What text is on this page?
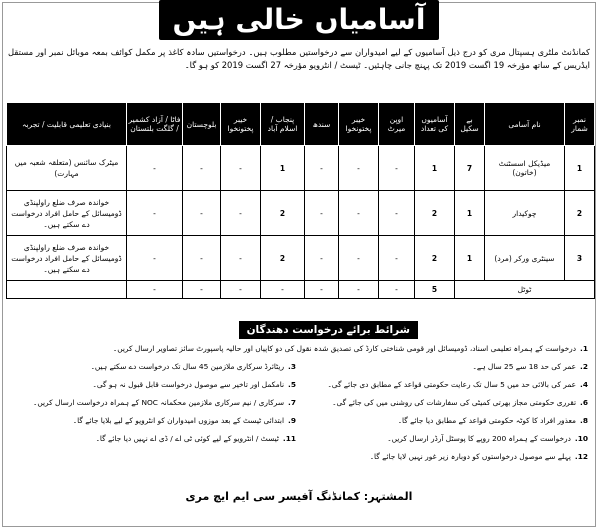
آسامیاں خالی ہیں
کمانڈنٹ ملٹری ہسپتال مری کو درج ذیل آسامیوں کے لیے امیدواران سے درخواستیں مطلوب ہیں۔ درخواستیں سادہ کاغذ پر مکمل کوائف بمعہ موبائل نمبر اور مستقل ایڈریس کے ساتھ مؤرخہ 19 اگست 2019 تک پہنچ جانی چاہئیں۔ ٹیسٹ / انٹرویو مؤرخہ 27 اگست 2019 کو ہو گا۔
نمبر شمار	نام آسامی	بے سکیل	آسامیوں کی تعداد	اوپن میرٹ	خیبر پختونخوا	سندھ	پنجاب / اسلام آباد	خیبر پختونخوا	بلوچستان	فاٹا / آزاد کشمیر / گلگت بلتستان	بنیادی تعلیمی قابلیت / تجربہ
1	میڈیکل اسسٹنٹ (خاتون)	7	1	-	-	-	1	-	-	-	میٹرک سائنس (متعلقہ شعبہ میں مہارت)
2	چوکیدار	1	2	-	-	-	2	-	-	-	خواندہ صرف ضلع راولپنڈی ڈومیسائل کے حامل افراد درخواست دے سکتے ہیں۔
3	سینٹری ورکر (مرد)	1	2	-	-	-	2	-	-	-	خواندہ صرف ضلع راولپنڈی ڈومیسائل کے حامل افراد درخواست دے سکتے ہیں۔
ٹوٹل			5	-	-	-	-	-	-	-	
شرائط برائے درخواست دھندگان
1.درخواست کے ہمراہ تعلیمی اسناد، ڈومیسائل اور قومی شناختی کارڈ کی تصدیق شدہ نقول کی دو کاپیاں اور حالیہ پاسپورٹ سائز تصاویر ارسال کریں۔
2.عمر کی حد 18 سے 25 سال ہے۔
3.ریٹائرڈ سرکاری ملازمین 45 سال تک درخواست دے سکتے ہیں۔
4.عمر کی بالائی حد میں 5 سال تک رعایت حکومتی قواعد کے مطابق دی جائے گی۔
5.نامکمل اور تاخیر سے موصول درخواست قابل قبول نہ ہو گی۔
6.تقرری حکومتی مجاز بھرتی کمیٹی کی سفارشات کی روشنی میں کی جائے گی۔
7.سرکاری / نیم سرکاری ملازمین محکمانہ NOC کے ہمراہ درخواست ارسال کریں۔
8.معذور افراد کا کوٹہ حکومتی قواعد کے مطابق دیا جائے گا۔
9.ابتدائی ٹیسٹ کے بعد موزوں امیدواران کو انٹرویو کے لیے بلایا جائے گا۔
10.درخواست کے ہمراہ 200 روپے کا پوسٹل آرڈر ارسال کریں۔
11.ٹیسٹ / انٹرویو کے لیے کوئی ٹی اے / ڈی اے نہیں دیا جائے گا۔
12.پہلے سے موصول درخواستوں کو دوبارہ زیر غور نہیں لایا جائے گا۔
المشتہر: کمانڈنگ آفیسر سی ایم ایچ مری
